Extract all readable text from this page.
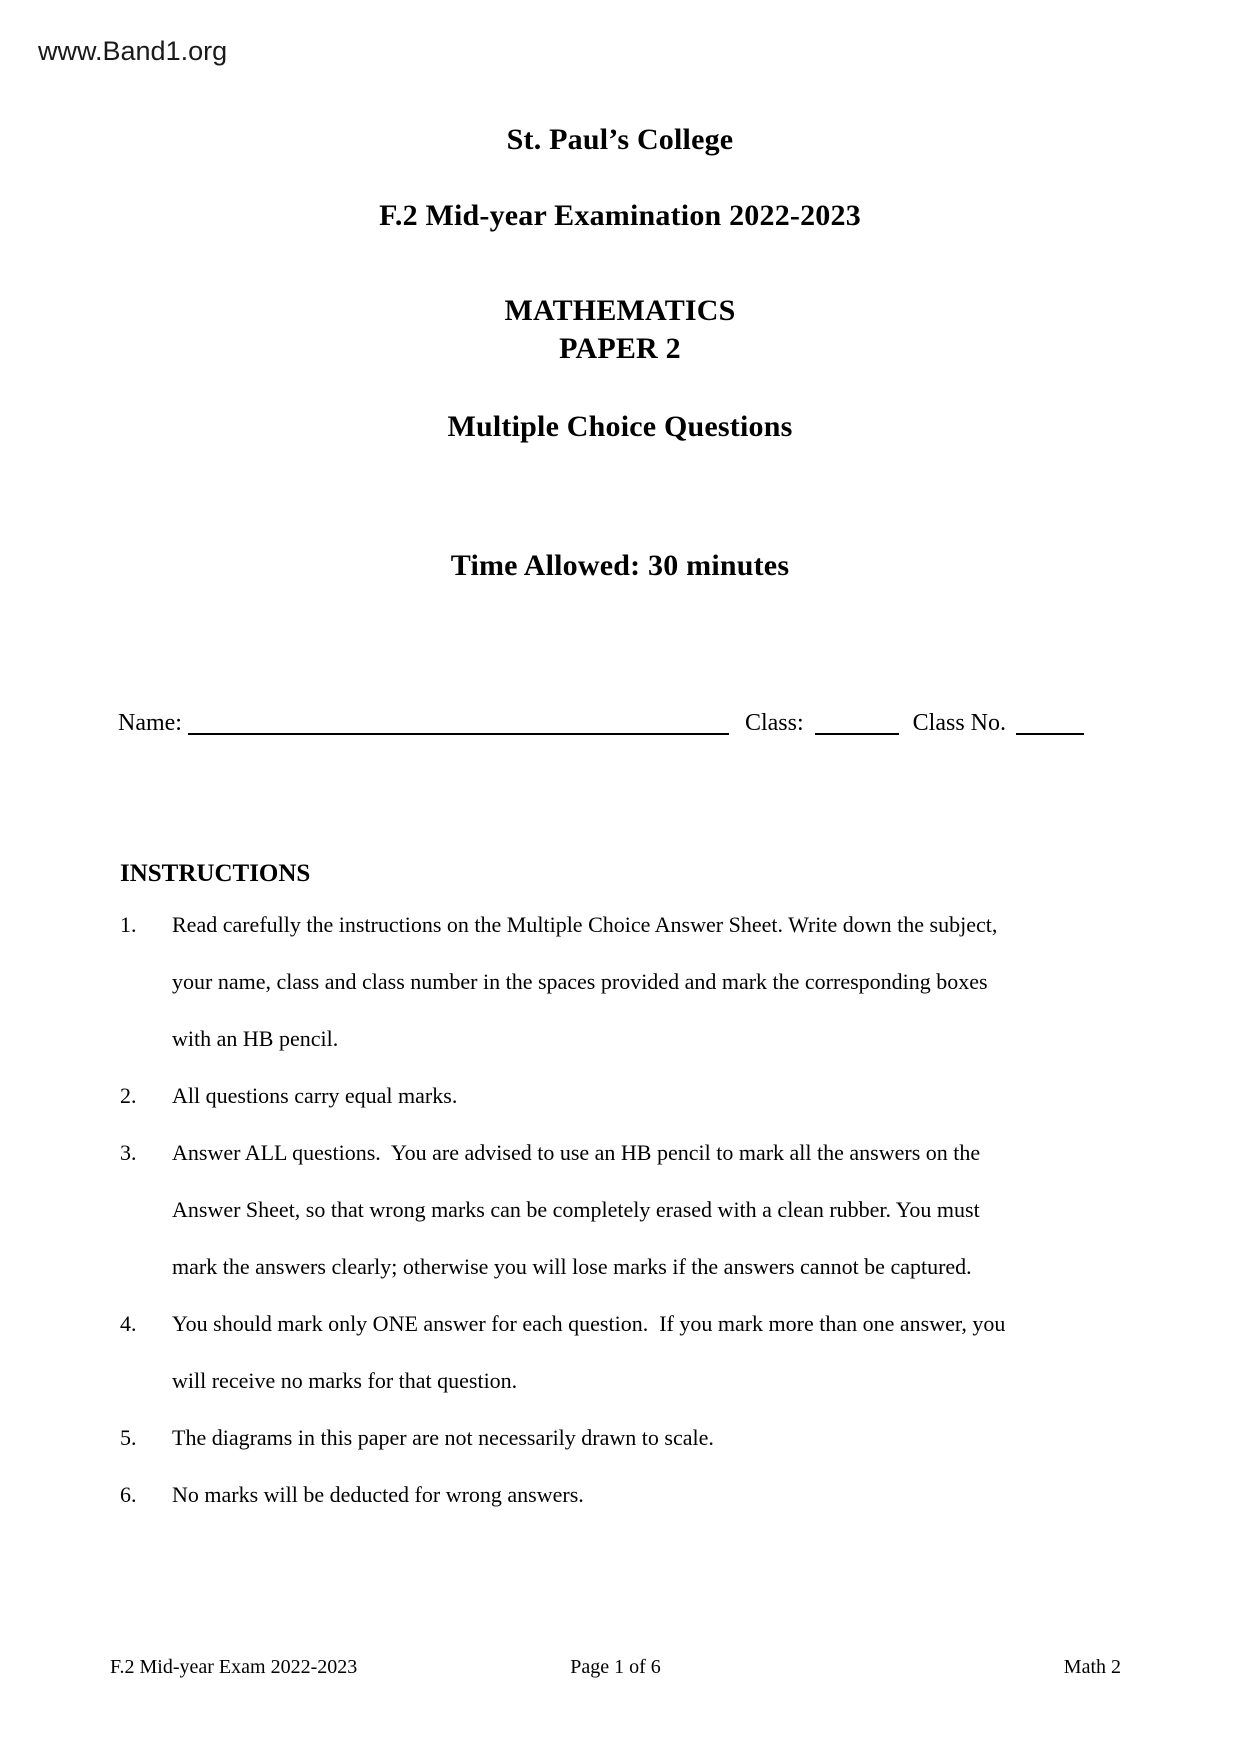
www.Band1.org
St. Paul’s College
F.2 Mid-year Examination 2022-2023
MATHEMATICS
PAPER 2
Multiple Choice Questions
Time Allowed: 30 minutes
Name:	Class:	Class No.
INSTRUCTIONS
1.	Read carefully the instructions on the Multiple Choice Answer Sheet. Write down the subject,
your name, class and class number in the spaces provided and mark the corresponding boxes
with an HB pencil.
2.	All questions carry equal marks.
3.	Answer ALL questions.  You are advised to use an HB pencil to mark all the answers on the
Answer Sheet, so that wrong marks can be completely erased with a clean rubber. You must
mark the answers clearly; otherwise you will lose marks if the answers cannot be captured.
4.	You should mark only ONE answer for each question.  If you mark more than one answer, you
will receive no marks for that question.
5.	The diagrams in this paper are not necessarily drawn to scale.
6.	No marks will be deducted for wrong answers.
F.2 Mid-year Exam 2022-2023	Page 1 of 6	Math 2
